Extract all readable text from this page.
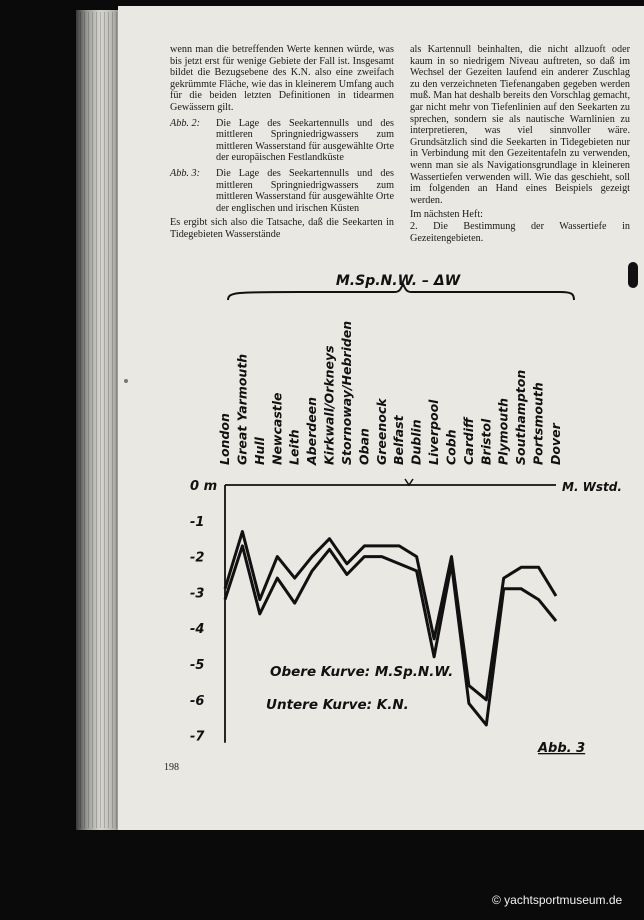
wenn man die betreffenden Werte kennen würde, was bis jetzt erst für wenige Gebiete der Fall ist. Insgesamt bildet die Bezugsebene des K.N. also eine zweifach gekrümmte Fläche, wie das in kleinerem Umfang auch für die beiden letzten Definitionen in tidearmen Gewässern gilt.

Abb. 2:	Die Lage des Seekartennulls und des mittleren Springniedrigwassers zum mittleren Wasserstand für ausgewählte Orte der europäischen Festlandküste
Abb. 3:	Die Lage des Seekartennulls und des mittleren Springniedrigwassers zum mittleren Wasserstand für ausgewählte Orte der englischen und irischen Küsten

Es ergibt sich also die Tatsache, daß die Seekarten in Tidegebieten Wasserstände

als Kartennull beinhalten, die nicht allzuoft oder kaum in so niedrigem Niveau auftreten, so daß im Wechsel der Gezeiten laufend ein anderer Zuschlag zu den verzeichneten Tiefenangaben gegeben werden muß. Man hat deshalb bereits den Vorschlag gemacht, gar nicht mehr von Tiefenlinien auf den Seekarten zu sprechen, sondern sie als nautische Warnlinien zu interpretieren, was viel sinnvoller wäre. Grundsätzlich sind die Seekarten in Tidegebieten nur in Verbindung mit den Gezeitentafeln zu verwenden, wenn man sie als Navigationsgrundlage in kleineren Wassertiefen verwenden will. Wie das geschieht, soll im folgenden an Hand eines Beispiels gezeigt werden.

Im nächsten Heft:

2. Die Bestimmung der Wassertiefe in Gezeitengebieten.

M.Sp.N.W. – ΔW
London Great Yarmouth Hull Newcastle Leith Aberdeen Kirkwall/Orkneys Stornoway/Hebriden Oban Greenock Belfast Dublin Liverpool Cobh Cardiff Bristol Plymouth Southampton Portsmouth Dover
0 m
-1
-2
-3
-4
-5
-6
-7
Obere Kurve: M.Sp.N.W.
Untere Kurve: K.N.
M. Wstd.
Abb. 3
198
© yachtsportmuseum.de
